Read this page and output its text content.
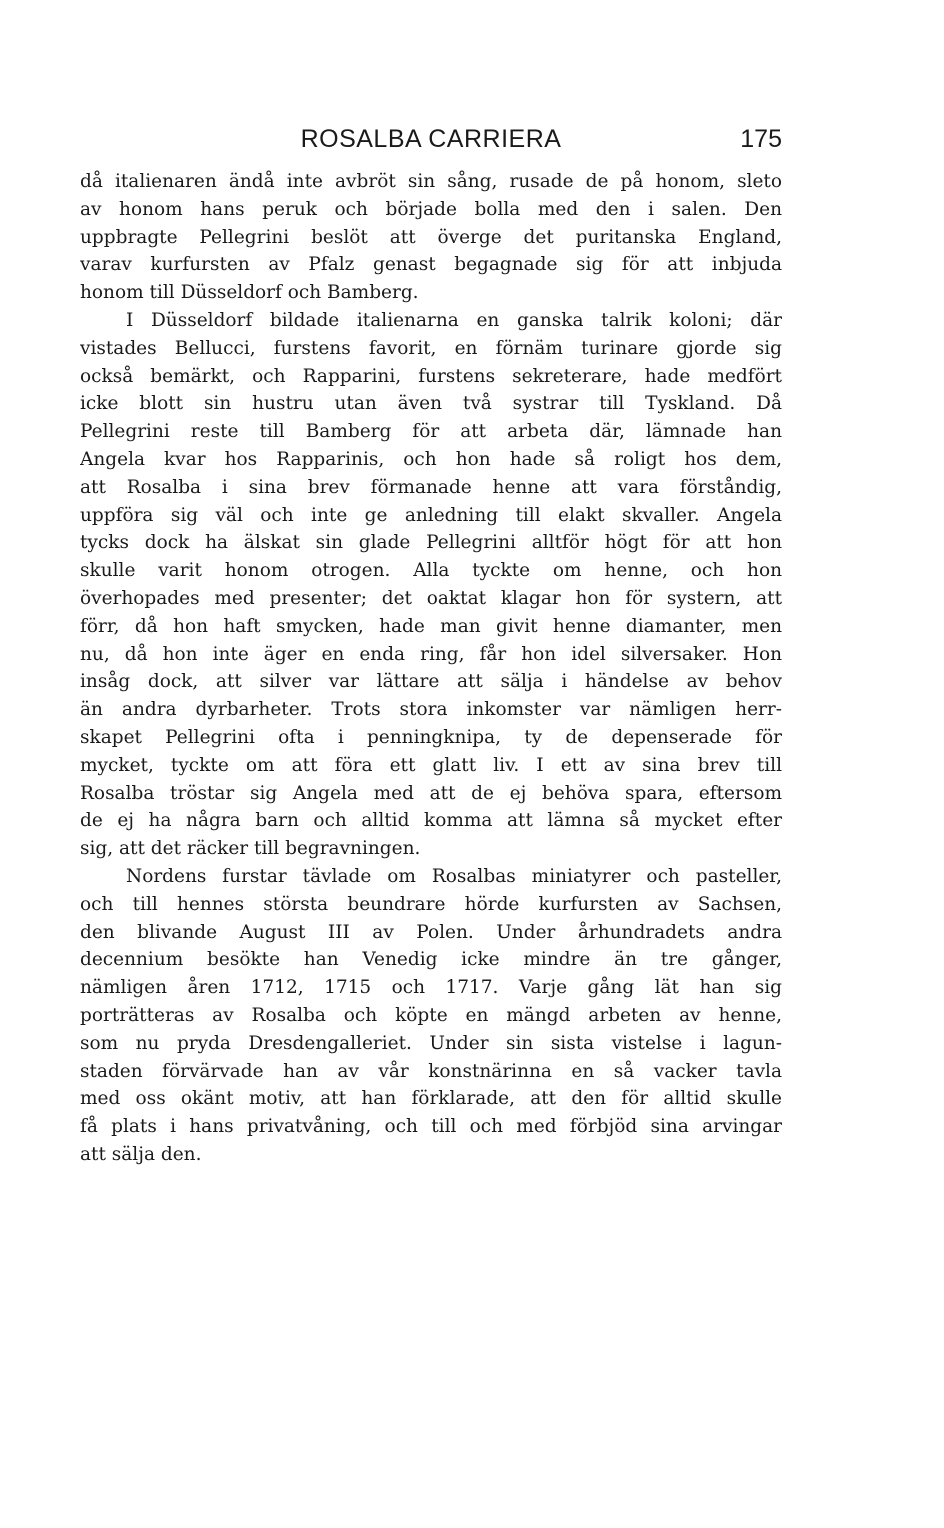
ROSALBA CARRIERA	175
då italienaren ändå inte avbröt sin sång, rusade de på honom, sleto
av honom hans peruk och började bolla med den i salen. Den
uppbragte Pellegrini beslöt att överge det puritanska England,
varav kurfursten av Pfalz genast begagnade sig för att inbjuda
honom till Düsseldorf och Bamberg.
I Düsseldorf bildade italienarna en ganska talrik koloni; där
vistades Bellucci, furstens favorit, en förnäm turinare gjorde sig
också bemärkt, och Rapparini, furstens sekreterare, hade medfört
icke blott sin hustru utan även två systrar till Tyskland. Då
Pellegrini reste till Bamberg för att arbeta där, lämnade han
Angela kvar hos Rapparinis, och hon hade så roligt hos dem,
att Rosalba i sina brev förmanade henne att vara förståndig,
uppföra sig väl och inte ge anledning till elakt skvaller. Angela
tycks dock ha älskat sin glade Pellegrini alltför högt för att hon
skulle varit honom otrogen. Alla tyckte om henne, och hon
överhopades med presenter; det oaktat klagar hon för systern, att
förr, då hon haft smycken, hade man givit henne diamanter, men
nu, då hon inte äger en enda ring, får hon idel silversaker. Hon
insåg dock, att silver var lättare att sälja i händelse av behov
än andra dyrbarheter. Trots stora inkomster var nämligen herr-
skapet Pellegrini ofta i penningknipa, ty de depenserade för
mycket, tyckte om att föra ett glatt liv. I ett av sina brev till
Rosalba tröstar sig Angela med att de ej behöva spara, eftersom
de ej ha några barn och alltid komma att lämna så mycket efter
sig, att det räcker till begravningen.
Nordens furstar tävlade om Rosalbas miniatyrer och pasteller,
och till hennes största beundrare hörde kurfursten av Sachsen,
den blivande August III av Polen. Under århundradets andra
decennium besökte han Venedig icke mindre än tre gånger,
nämligen åren 1712, 1715 och 1717. Varje gång lät han sig
porträtteras av Rosalba och köpte en mängd arbeten av henne,
som nu pryda Dresdengalleriet. Under sin sista vistelse i lagun-
staden förvärvade han av vår konstnärinna en så vacker tavla
med oss okänt motiv, att han förklarade, att den för alltid skulle
få plats i hans privatvåning, och till och med förbjöd sina arvingar
att sälja den.
